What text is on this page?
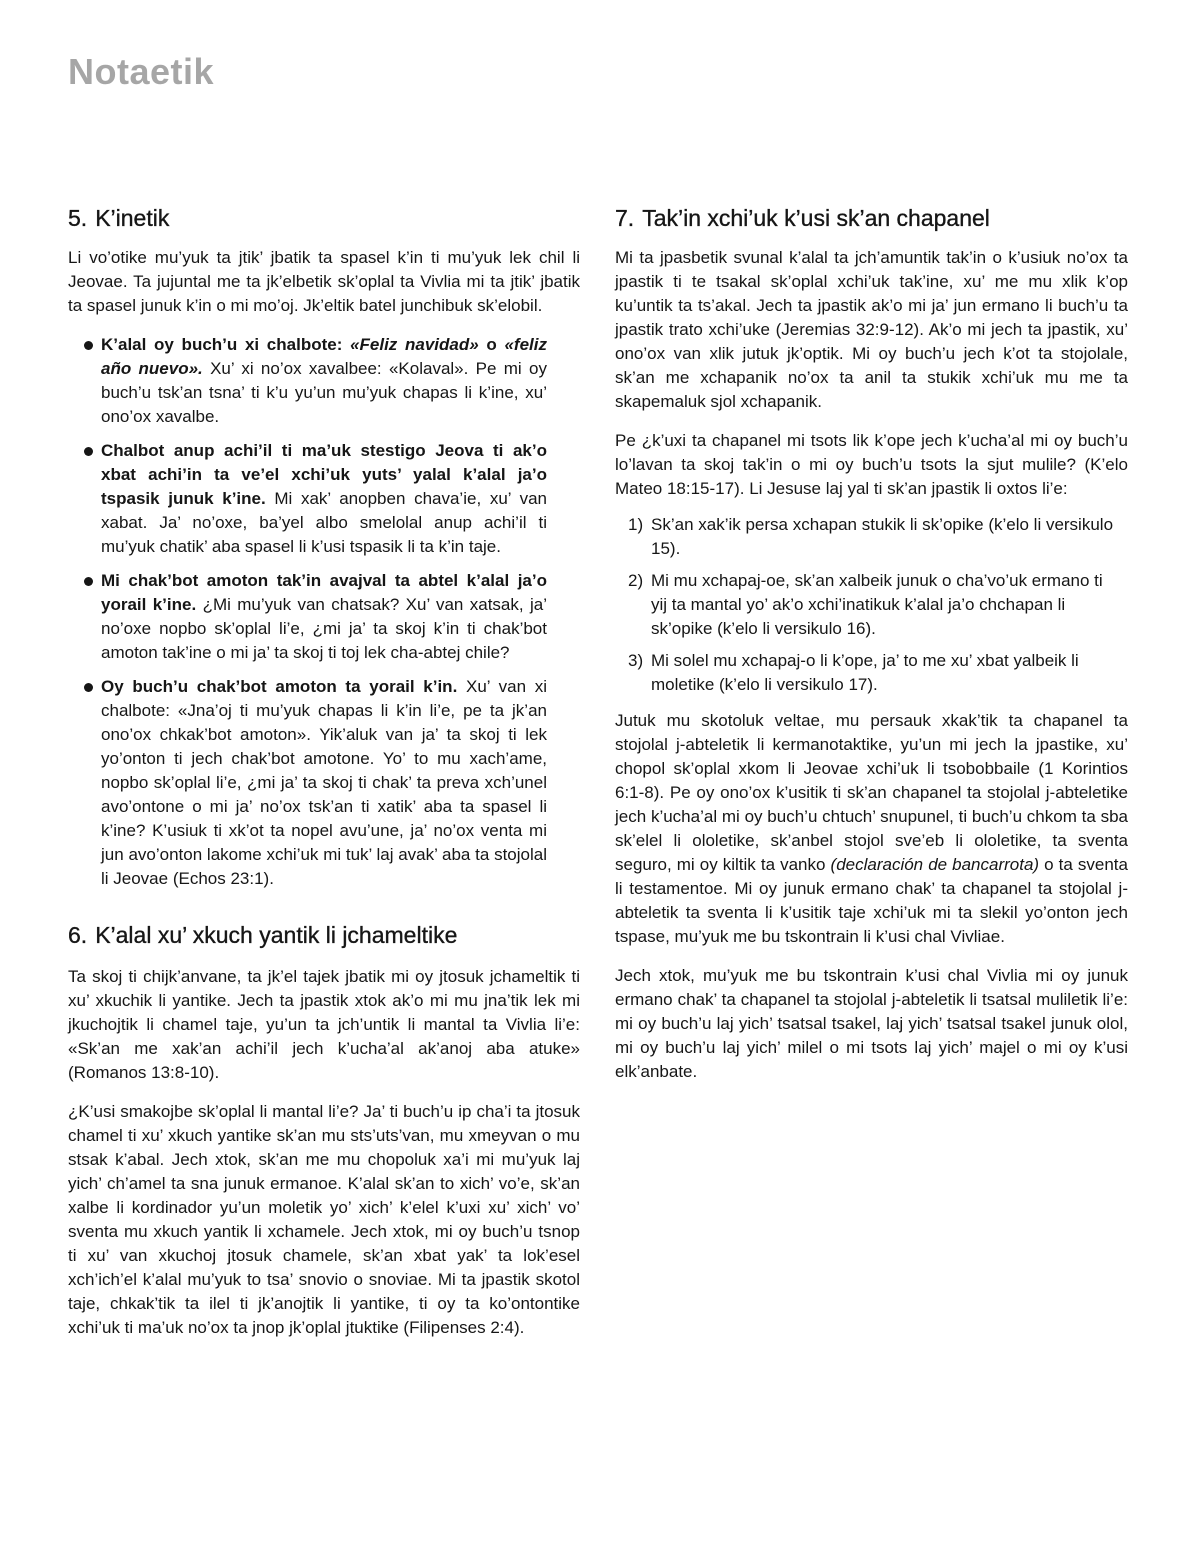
Notaetik
5. K’inetik

Li vo’otike mu’yuk ta jtik’ jbatik ta spasel k’in ti mu’yuk lek chil li Jeovae. Ta jujuntal me ta jk’elbetik sk’oplal ta Vivlia mi ta jtik’ jbatik ta spasel junuk k’in o mi mo’oj. Jk’eltik batel junchibuk sk’elobil.

K’alal oy buch’u xi chalbote: «Feliz navidad» o «feliz año nuevo». Xu’ xi no’ox xavalbee: «Kolaval». Pe mi oy buch’u tsk’an tsna’ ti k’u yu’un mu’yuk chapas li k’ine, xu’ ono’ox xavalbe.
Chalbot anup achi’il ti ma’uk stestigo Jeova ti ak’o xbat achi’in ta ve’el xchi’uk yuts’ yalal k’alal ja’o tspasik junuk k’ine. Mi xak’ anopben chava’ie, xu’ van xabat. Ja’ no’oxe, ba’yel albo smelolal anup achi’il ti mu’yuk chatik’ aba spasel li k’usi tspasik li ta k’in taje.
Mi chak’bot amoton tak’in avajval ta abtel k’alal ja’o yorail k’ine. ¿Mi mu’yuk van chatsak? Xu’ van xatsak, ja’ no’oxe nopbo sk’oplal li’e, ¿mi ja’ ta skoj k’in ti chak’bot amoton tak’ine o mi ja’ ta skoj ti toj lek cha-abtej chile?
Oy buch’u chak’bot amoton ta yorail k’in. Xu’ van xi chalbote: «Jna’oj ti mu’yuk chapas li k’in li’e, pe ta jk’an ono’ox chkak’bot amoton». Yik’aluk van ja’ ta skoj ti lek yo’onton ti jech chak’bot amotone. Yo’ to mu xach’ame, nopbo sk’oplal li’e, ¿mi ja’ ta skoj ti chak’ ta preva xch’unel avo’ontone o mi ja’ no’ox tsk’an ti xatik’ aba ta spasel li k’ine? K’usiuk ti xk’ot ta nopel avu’une, ja’ no’ox venta mi jun avo’onton lakome xchi’uk mi tuk’ laj avak’ aba ta stojolal li Jeovae (Echos 23:1).
6. K’alal xu’ xkuch yantik li jchameltike

Ta skoj ti chijk’anvane, ta jk’el tajek jbatik mi oy jtosuk jchameltik ti xu’ xkuchik li yantike. Jech ta jpastik xtok ak’o mi mu jna’tik lek mi jkuchojtik li chamel taje, yu’un ta jch’untik li mantal ta Vivlia li’e: «Sk’an me xak’an achi’il jech k’ucha’al ak’anoj aba atuke» (Romanos 13:8-10).

¿K’usi smakojbe sk’oplal li mantal li’e? Ja’ ti buch’u ip cha’i ta jtosuk chamel ti xu’ xkuch yantike sk’an mu sts’uts’van, mu xmeyvan o mu stsak k’abal. Jech xtok, sk’an me mu chopoluk xa’i mi mu’yuk laj yich’ ch’amel ta sna junuk ermanoe. K’alal sk’an to xich’ vo’e, sk’an xalbe li kordinador yu’un moletik yo’ xich’ k’elel k’uxi xu’ xich’ vo’ sventa mu xkuch yantik li xchamele. Jech xtok, mi oy buch’u tsnop ti xu’ van xkuchoj jtosuk chamele, sk’an xbat yak’ ta lok’esel xch’ich’el k’alal mu’yuk to tsa’ snovio o snoviae. Mi ta jpastik skotol taje, chkak’tik ta ilel ti jk’anojtik li yantike, ti oy ta ko’ontontike xchi’uk ti ma’uk no’ox ta jnop jk’oplal jtuktike (Filipenses 2:4).

7. Tak’in xchi’uk k’usi sk’an chapanel

Mi ta jpasbetik svunal k’alal ta jch’amuntik tak’in o k’usiuk no’ox ta jpastik ti te tsakal sk’oplal xchi’uk tak’ine, xu’ me mu xlik k’op ku’untik ta ts’akal. Jech ta jpastik ak’o mi ja’ jun ermano li buch’u ta jpastik trato xchi’uke (Jeremias 32:9-12). Ak’o mi jech ta jpastik, xu’ ono’ox van xlik jutuk jk’optik. Mi oy buch’u jech k’ot ta stojolale, sk’an me xchapanik no’ox ta anil ta stukik xchi’uk mu me ta skapemaluk sjol xchapanik.

Pe ¿k’uxi ta chapanel mi tsots lik k’ope jech k’ucha’al mi oy buch’u lo’lavan ta skoj tak’in o mi oy buch’u tsots la sjut mulile? (K’elo Mateo 18:15-17). Li Jesuse laj yal ti sk’an jpastik li oxtos li’e:

1) Sk’an xak’ik persa xchapan stukik li sk’opike (k’elo li versikulo 15).
2) Mi mu xchapaj-oe, sk’an xalbeik junuk o cha’vo’uk ermano ti yij ta mantal yo’ ak’o xchi’inatikuk k’alal ja’o chchapan li sk’opike (k’elo li versikulo 16).
3) Mi solel mu xchapaj-o li k’ope, ja’ to me xu’ xbat yalbeik li moletike (k’elo li versikulo 17).

Jutuk mu skotoluk veltae, mu persauk xkak’tik ta chapanel ta stojolal j-abteletik li kermanotaktike, yu’un mi jech la jpastike, xu’ chopol sk’oplal xkom li Jeovae xchi’uk li tsobobbaile (1 Korintios 6:1-8). Pe oy ono’ox k’usitik ti sk’an chapanel ta stojolal j-abteletike jech k’ucha’al mi oy buch’u chtuch’ snupunel, ti buch’u chkom ta sba sk’elel li ololetike, sk’anbel stojol sve’eb li ololetike, ta sventa seguro, mi oy kiltik ta vanko (declaración de bancarrota) o ta sventa li testamentoe. Mi oy junuk ermano chak’ ta chapanel ta stojolal j-abteletik ta sventa li k’usitik taje xchi’uk mi ta slekil yo’onton jech tspase, mu’yuk me bu tskontrain li k’usi chal Vivliae.

Jech xtok, mu’yuk me bu tskontrain k’usi chal Vivlia mi oy junuk ermano chak’ ta chapanel ta stojolal j-abteletik li tsatsal muliletik li’e: mi oy buch’u laj yich’ tsatsal tsakel, laj yich’ tsatsal tsakel junuk olol, mi oy buch’u laj yich’ milel o mi tsots laj yich’ majel o mi oy k’usi elk’anbate.
